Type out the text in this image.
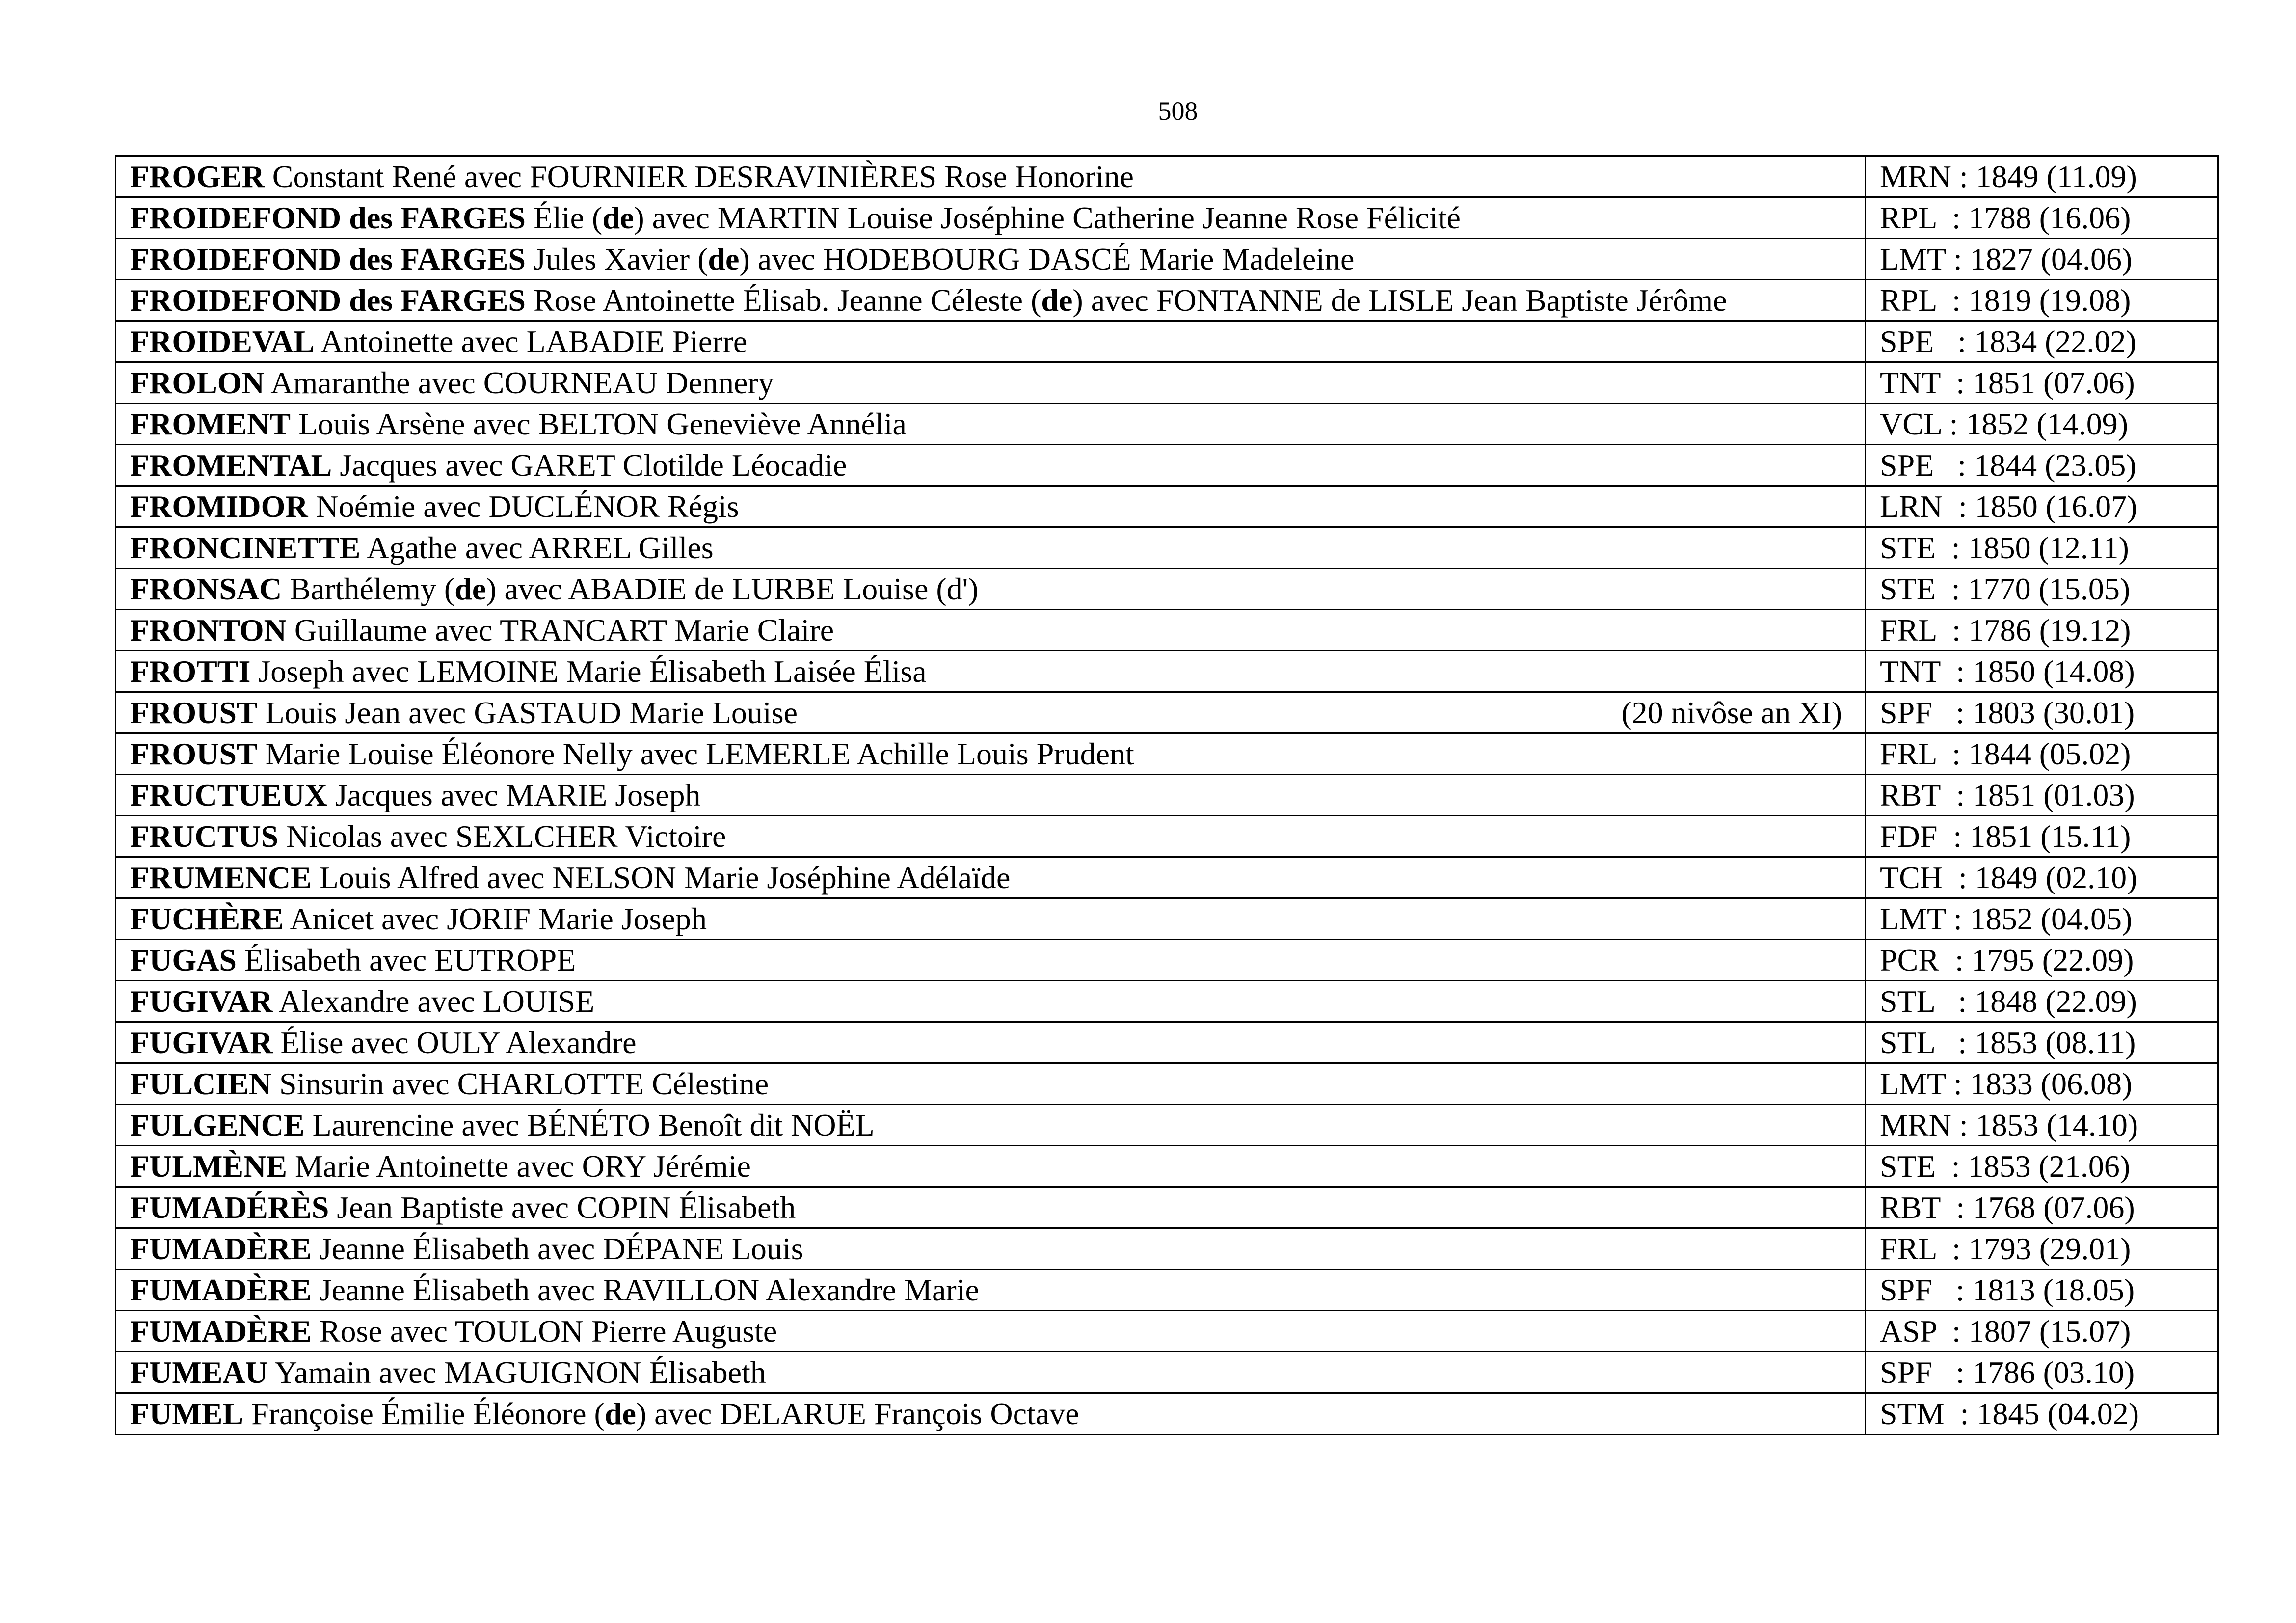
508
FROGER Constant René avec FOURNIER DESRAVINIÈRES Rose Honorine	MRN : 1849 (11.09)

FROIDEFOND des FARGES Élie (de) avec MARTIN Louise Joséphine Catherine Jeanne Rose Félicité	RPL  : 1788 (16.06)

FROIDEFOND des FARGES Jules Xavier (de) avec HODEBOURG DASCÉ Marie Madeleine	LMT : 1827 (04.06)

FROIDEFOND des FARGES Rose Antoinette Élisab. Jeanne Céleste (de) avec FONTANNE de LISLE Jean Baptiste Jérôme	RPL  : 1819 (19.08)

FROIDEVAL Antoinette avec LABADIE Pierre	SPE   : 1834 (22.02)

FROLON Amaranthe avec COURNEAU Dennery	TNT  : 1851 (07.06)

FROMENT Louis Arsène avec BELTON Geneviève Annélia	VCL : 1852 (14.09)

FROMENTAL Jacques avec GARET Clotilde Léocadie	SPE   : 1844 (23.05)

FROMIDOR Noémie avec DUCLÉNOR Régis	LRN  : 1850 (16.07)

FRONCINETTE Agathe avec ARREL Gilles	STE  : 1850 (12.11)

FRONSAC Barthélemy (de) avec ABADIE de LURBE Louise (d')	STE  : 1770 (15.05)

FRONTON Guillaume avec TRANCART Marie Claire	FRL  : 1786 (19.12)

FROTTI Joseph avec LEMOINE Marie Élisabeth Laisée Élisa	TNT  : 1850 (14.08)

FROUST Louis Jean avec GASTAUD Marie Louise (20 nivôse an XI)	SPF   : 1803 (30.01)

FROUST Marie Louise Éléonore Nelly avec LEMERLE Achille Louis Prudent	FRL  : 1844 (05.02)

FRUCTUEUX Jacques avec MARIE Joseph	RBT  : 1851 (01.03)

FRUCTUS Nicolas avec SEXLCHER Victoire	FDF  : 1851 (15.11)

FRUMENCE Louis Alfred avec NELSON Marie Joséphine Adélaïde	TCH  : 1849 (02.10)

FUCHÈRE Anicet avec JORIF Marie Joseph	LMT : 1852 (04.05)

FUGAS Élisabeth avec EUTROPE	PCR  : 1795 (22.09)

FUGIVAR Alexandre avec LOUISE	STL   : 1848 (22.09)

FUGIVAR Élise avec OULY Alexandre	STL   : 1853 (08.11)

FULCIEN Sinsurin avec CHARLOTTE Célestine	LMT : 1833 (06.08)

FULGENCE Laurencine avec BÉNÉTO Benoît dit NOËL	MRN : 1853 (14.10)

FULMÈNE Marie Antoinette avec ORY Jérémie	STE  : 1853 (21.06)

FUMADÉRÈS Jean Baptiste avec COPIN Élisabeth	RBT  : 1768 (07.06)

FUMADÈRE Jeanne Élisabeth avec DÉPANE Louis	FRL  : 1793 (29.01)

FUMADÈRE Jeanne Élisabeth avec RAVILLON Alexandre Marie	SPF   : 1813 (18.05)

FUMADÈRE Rose avec TOULON Pierre Auguste	ASP  : 1807 (15.07)

FUMEAU Yamain avec MAGUIGNON Élisabeth	SPF   : 1786 (03.10)

FUMEL Françoise Émilie Éléonore (de) avec DELARUE François Octave	STM  : 1845 (04.02)
